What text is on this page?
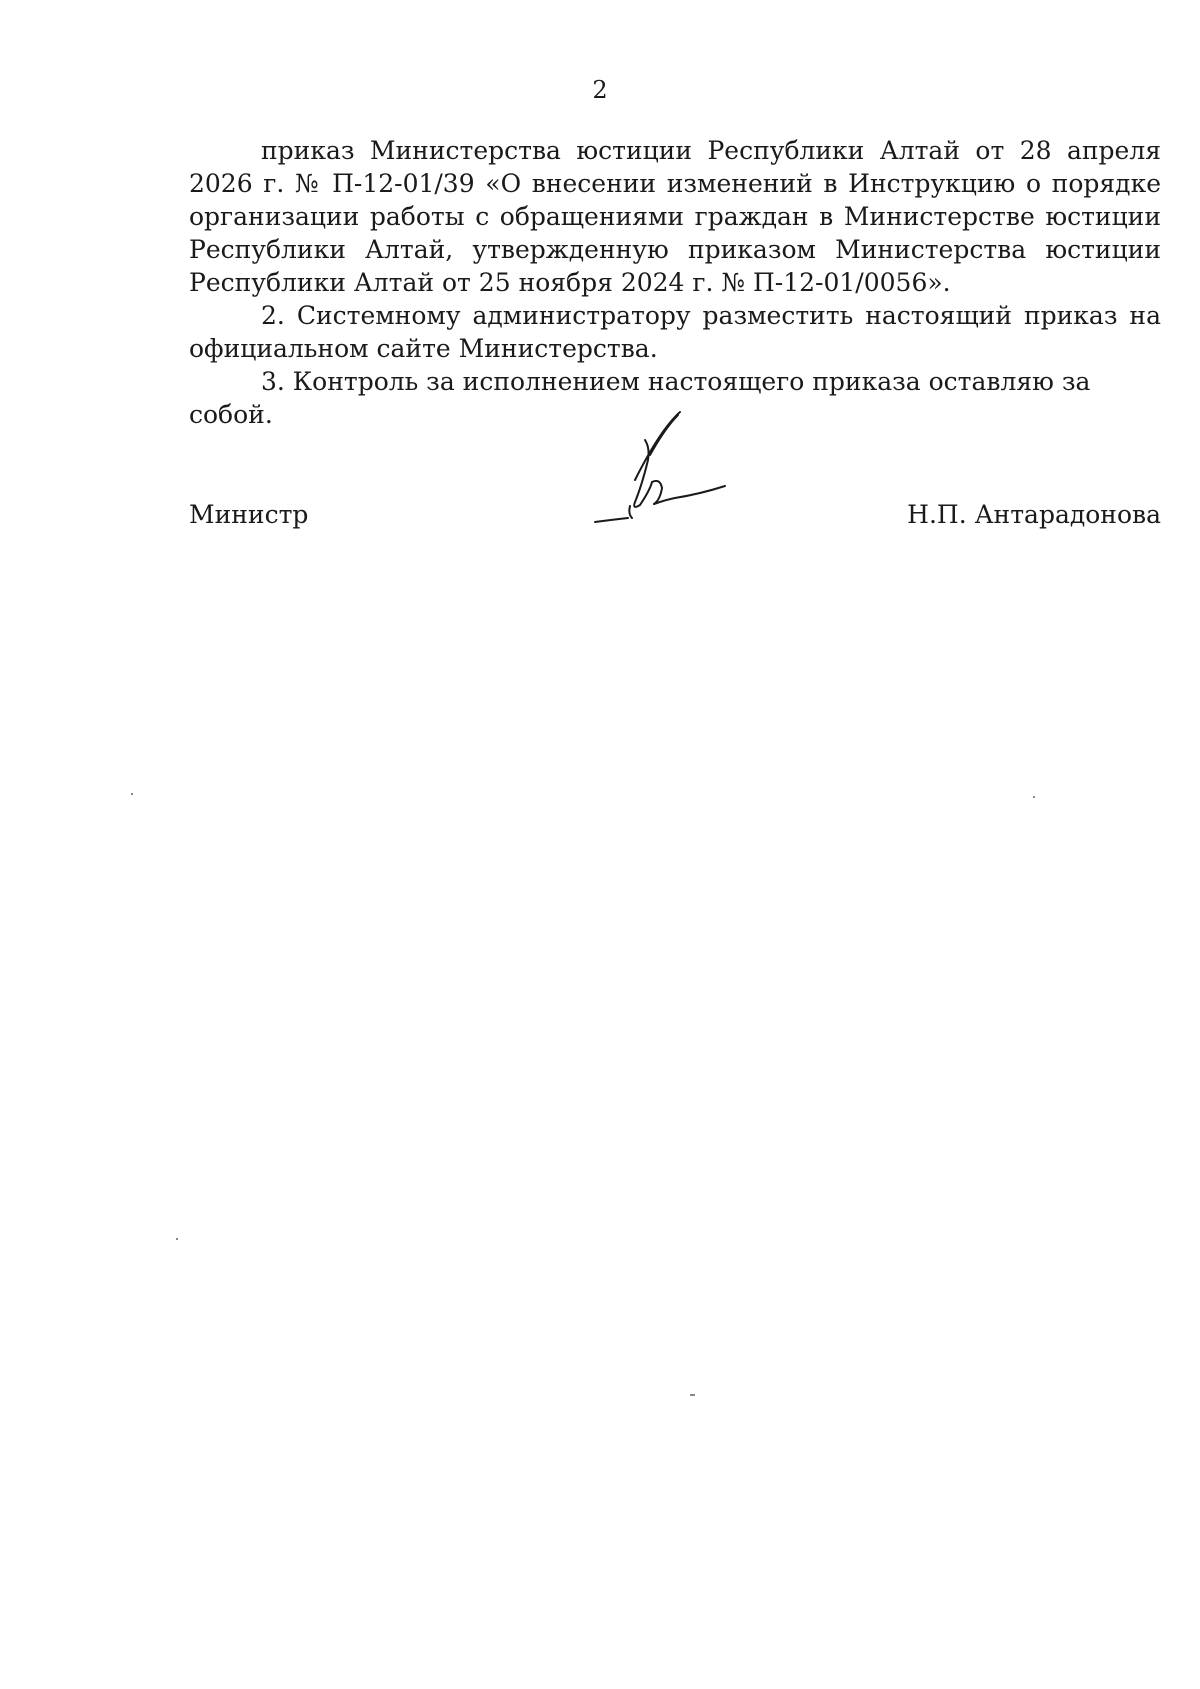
2

приказ Министерства юстиции Республики Алтай от 28 апреля 2026 г. № П-12-01/39 «О внесении изменений в Инструкцию о порядке организации работы с обращениями граждан в Министерстве юстиции Республики Алтай, утвержденную приказом Министерства юстиции Республики Алтай от 25 ноября 2024 г. № П-12-01/0056».

2. Системному администратору разместить настоящий приказ на официальном сайте Министерства.

3. Контроль за исполнением настоящего приказа оставляю за собой.

Министр	Н.П. Антарадонова
